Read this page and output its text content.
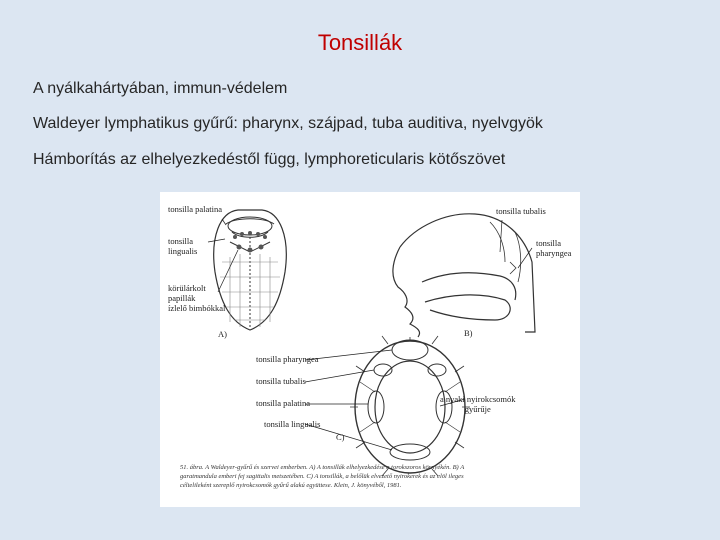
Tonsillák
A nyálkahártyában, immun-védelem
Waldeyer lymphatikus gyűrű: pharynx, szájpad, tuba auditiva, nyelvgyök
Hámborítás az elhelyezkedéstől függ, lymphoreticularis kötőszövet
tonsilla palatina
tonsilla
lingualis
körülárkolt
papillák
ízlelő bimbókkal
A)
tonsilla tubalis
tonsilla
pharyngea
B)
tonsilla pharyngea
tonsilla tubalis
tonsilla palatina
tonsilla lingualis
a nyaki nyirokcsomók
gyűrűje
C)
51. ábra. A Waldeyer-gyűrű és szervei emberben. A) A tonsillák elhelyezkedése a torokszoros környékén. B) A
garatmandula emberi fej sagittalis metszetében. C) A tonsillák, a belőlük elvezető nyirokerek és az elöl ileges
céltelileként szereplő nyirokcsomók gyűrű alakú együttese. Klein, J. könyvéből, 1981.
